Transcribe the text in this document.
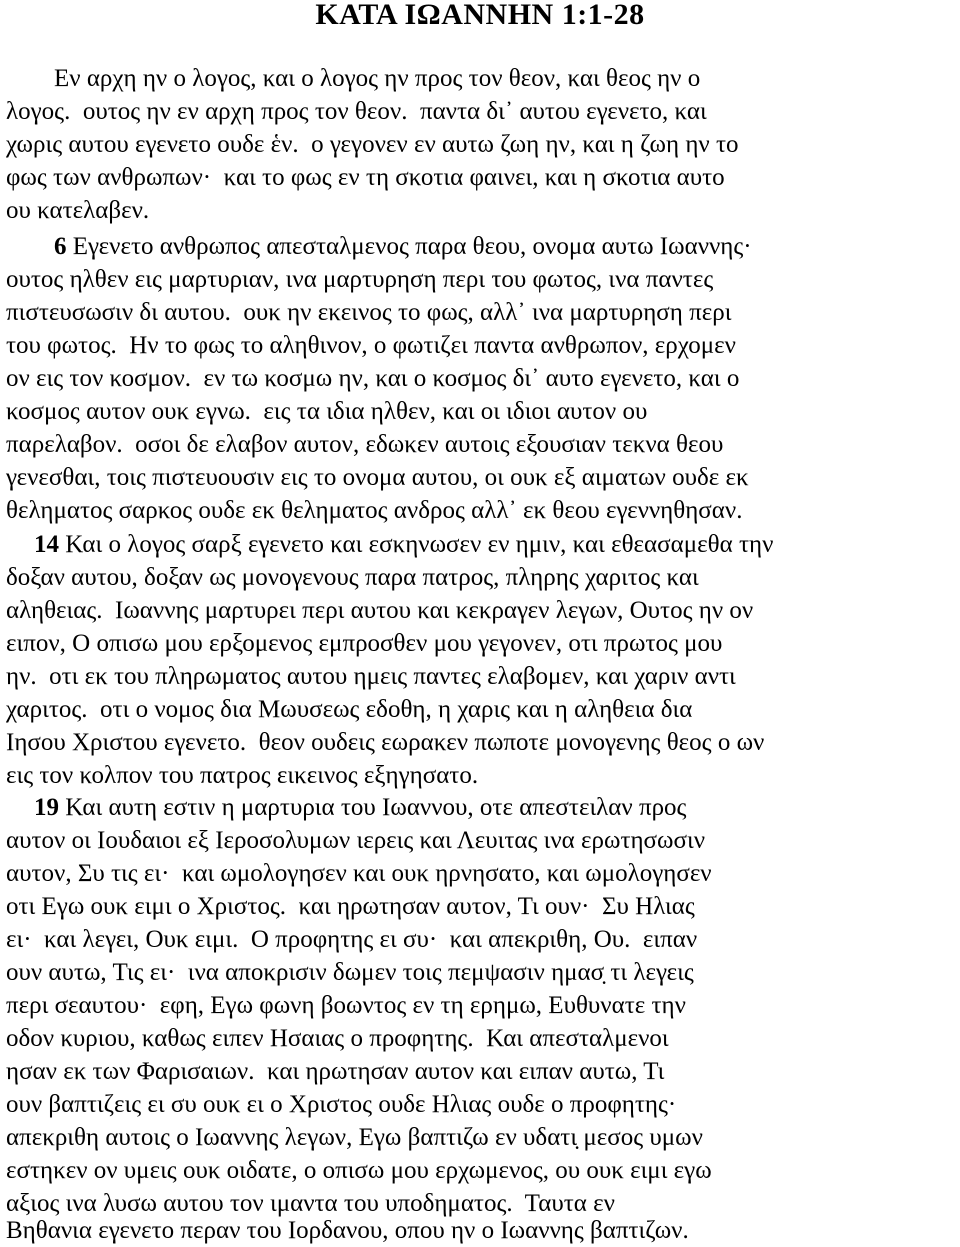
ΚΑΤΑ ΙΩΑΝΝΗΝ 1:1-28
Εν αρχη ην ο λογος, και ο λογος ην προς τον θεον, και θεος ην ο
λογος.  ουτος ην εν αρχη προς τον θεον.  παντα δι᾽ αυτου εγενετο, και
χωρις αυτου εγενετο ουδε ἑν.  ο γεγονεν εν αυτω ζωη ην, και η ζωη ην το
φως των ανθρωπων·  και το φως εν τη σκοτια φαινει, και η σκοτια αυτο
ου κατελαβεν.
6 Εγενετο ανθρωπος απεσταλμενος παρα θεου, ονομα αυτω Ιωαννης·
ουτος ηλθεν εις μαρτυριαν, ινα μαρτυρηση περι του φωτος, ινα παντες
πιστευσωσιν δι αυτου.  ουκ ην εκεινος το φως, αλλ᾽ ινα μαρτυρηση περι
του φωτος.  Ην το φως το αληθινον, ο φωτιζει παντα ανθρωπον, ερχομεν
ον εις τον κοσμον.  εν τω κοσμω ην, και ο κοσμος δι᾽ αυτο εγενετο, και ο
κοσμος αυτον ουκ εγνω.  εις τα ιδια ηλθεν, και οι ιδιοι αυτον ου
παρελαβον.  οσοι δε ελαβον αυτον, εδωκεν αυτοις εξουσιαν τεκνα θεου
γενεσθαι, τοις πιστευουσιν εις το ονομα αυτου, οι ουκ εξ αιματων ουδε εκ
θεληματος σαρκος ουδε εκ θεληματος ανδρος αλλ᾽ εκ θεου εγεννηθησαν.
14 Και ο λογος σαρξ εγενετο και εσκηνωσεν εν ημιν, και εθεασαμεθα την
δοξαν αυτου, δοξαν ως μονογενους παρα πατρος, πληρης χαριτος και
αληθειας.  Ιωαννης μαρτυρει περι αυτου και κεκραγεν λεγων, Ουτος ην ον
ειπον, Ο οπισω μου ερξομενος εμπροσθεν μου γεγονεν, οτι πρωτος μου
ην.  οτι εκ του πληρωματος αυτου ημεις παντες ελαβομεν, και χαριν αντι
χαριτος.  οτι ο νομος δια Μωυσεως εδοθη, η χαρις και η αληθεια δια
Ιησου Χριστου εγενετο.  θεον ουδεις εωρακεν πωποτε μονογενης θεος ο ων
εις τον κολπον του πατρος εικεινος εξηγησατο.
19 Και αυτη εστιν η μαρτυρια του Ιωαννου, οτε απεστειλαν προς
αυτον οι Ιουδαιοι εξ Ιεροσολυμων ιερεις και Λευιτας ινα ερωτησωσιν
αυτον, Συ τις ει·  και ωμολογησεν και ουκ ηρνησατο, και ωμολογησεν
οτι Εγω ουκ ειμι ο Χριστος.  και ηρωτησαν αυτον, Τι ουν·  Συ Ηλιας
ει·  και λεγει, Ουκ ειμι.  Ο προφητης ει συ·  και απεκριθη, Ου.  ειπαν
ουν αυτω, Τις ει·  ινα αποκρισιν δωμεν τοις πεμψασιν ημασ̣ τι λεγεις
περι σεαυτου·  εφη, Εγω φωνη βοωντος εν τη ερημω, Ευθυνατε την
οδον κυριου, καθως ειπεν Ησαιας ο προφητης.  Και απεσταλμενοι
ησαν εκ των Φαρισαιων.  και ηρωτησαν αυτον και ειπαν αυτω, Τι
ουν βαπτιζεις ει συ ουκ ει ο Χριστος ουδε Ηλιας ουδε ο προφητης·
απεκριθη αυτοις ο Ιωαννης λεγων, Εγω βαπτιζω εν υδατι̣ μεσος υμων
εστηκεν ον υμεις ουκ οιδατε, ο οπισω μου ερχωμενος, ου ουκ ειμι εγω
αξιος ινα λυσω αυτου τον ιμαντα του υποδηματος.  Ταυτα εν
Βηθανια εγενετο περαν του Ιορδανου, οπου ην ο Ιωαννης βαπτιζων.
